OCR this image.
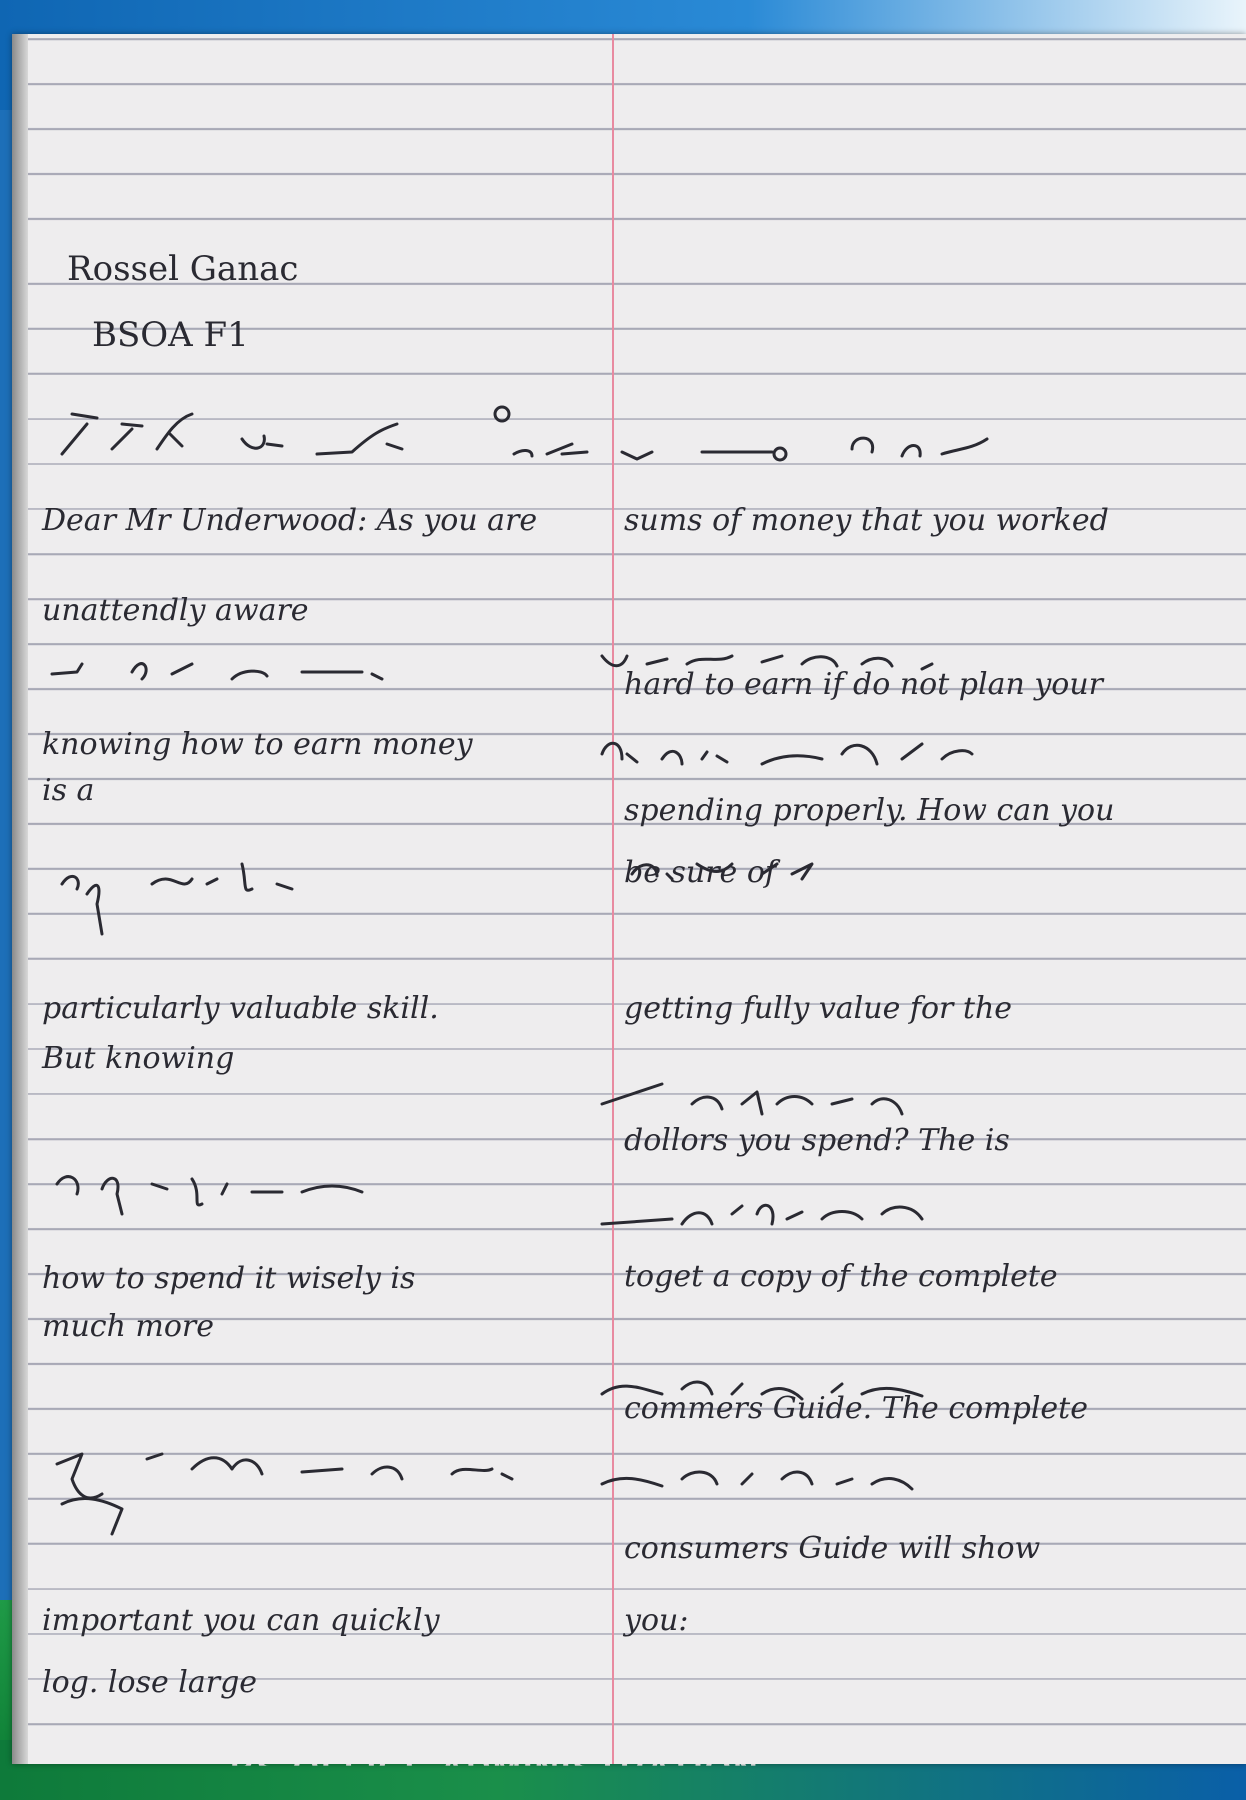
Rossel Ganac
BSOA F1
Dear Mr Underwood: As you are
unattendly aware
knowing how to earn money
is a
particularly valuable skill.
But knowing
how to spend it wisely is
much more
important you can quickly
log. lose large
sums of money that you worked
hard to earn if do not plan your
spending properly. How can you
be sure of
getting fully value for the
dollors you spend? The is
toget a copy of the complete
commers Guide. The complete
consumers Guide will show
you:
